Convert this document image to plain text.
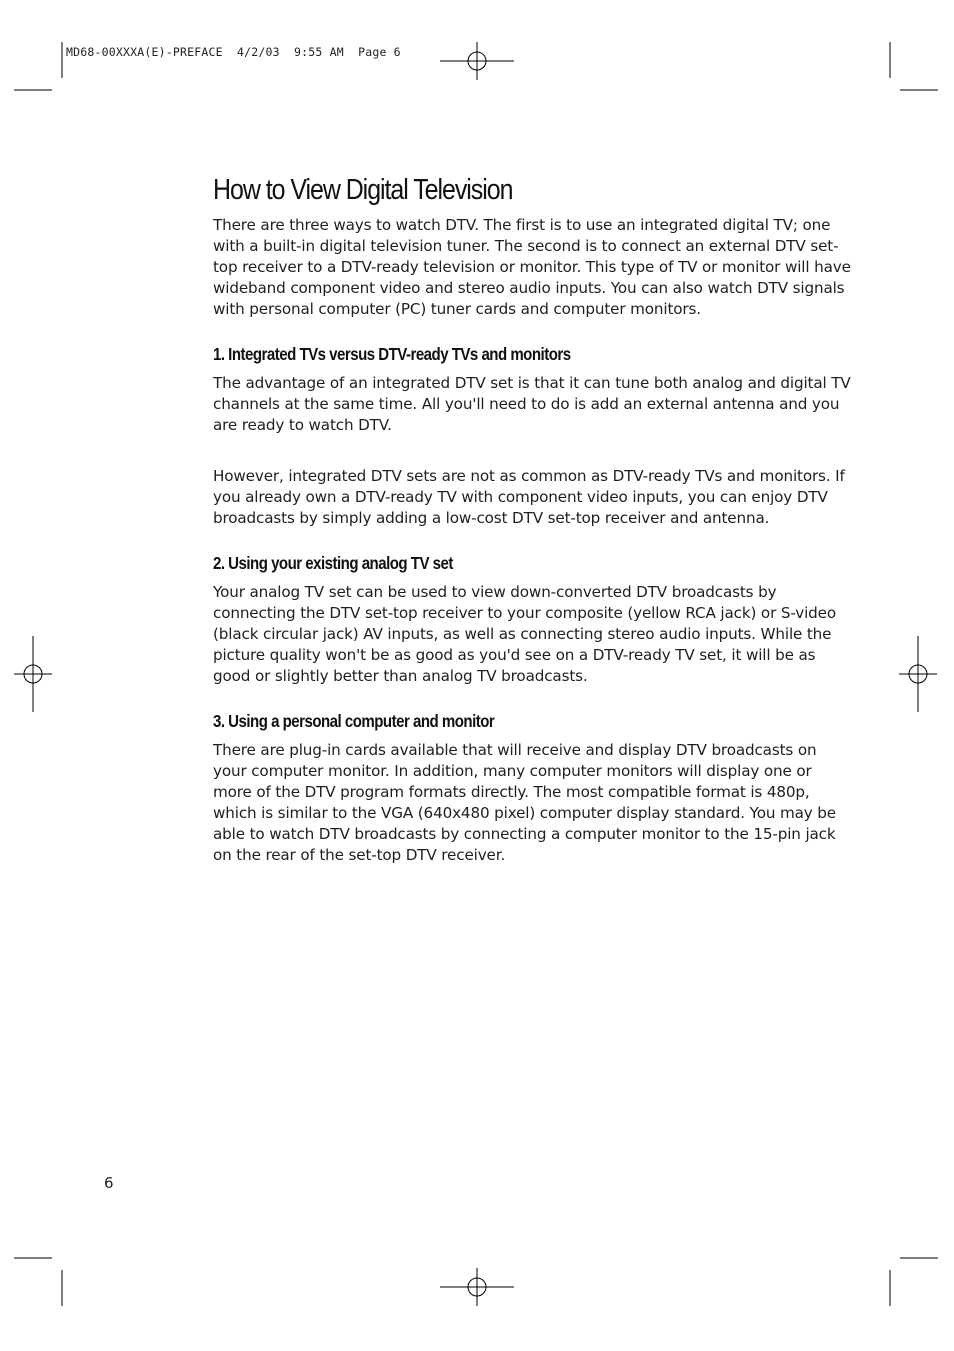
MD68-00XXXA(E)-PREFACE  4/2/03  9:55 AM  Page 6
How to View Digital Television

There are three ways to watch DTV. The first is to use an integrated digital TV; one with a built-in digital television tuner. The second is to connect an external DTV set-top receiver to a DTV-ready television or monitor. This type of TV or monitor will have wideband component video and stereo audio inputs. You can also watch DTV signals with personal computer (PC) tuner cards and computer monitors.

1. Integrated TVs versus DTV-ready TVs and monitors

The advantage of an integrated DTV set is that it can tune both analog and digital TV channels at the same time. All you'll need to do is add an external antenna and you are ready to watch DTV.

However, integrated DTV sets are not as common as DTV-ready TVs and monitors. If you already own a DTV-ready TV with component video inputs, you can enjoy DTV broadcasts by simply adding a low-cost DTV set-top receiver and antenna.

2. Using your existing analog TV set

Your analog TV set can be used to view down-converted DTV broadcasts by connecting the DTV set-top receiver to your composite (yellow RCA jack) or S-video (black circular jack) AV inputs, as well as connecting stereo audio inputs. While the picture quality won't be as good as you'd see on a DTV-ready TV set, it will be as good or slightly better than analog TV broadcasts.

3. Using a personal computer and monitor

There are plug-in cards available that will receive and display DTV broadcasts on your computer monitor. In addition, many computer monitors will display one or more of the DTV program formats directly. The most compatible format is 480p, which is similar to the VGA (640x480 pixel) computer display standard. You may be able to watch DTV broadcasts by connecting a computer monitor to the 15-pin jack on the rear of the set-top DTV receiver.

6
